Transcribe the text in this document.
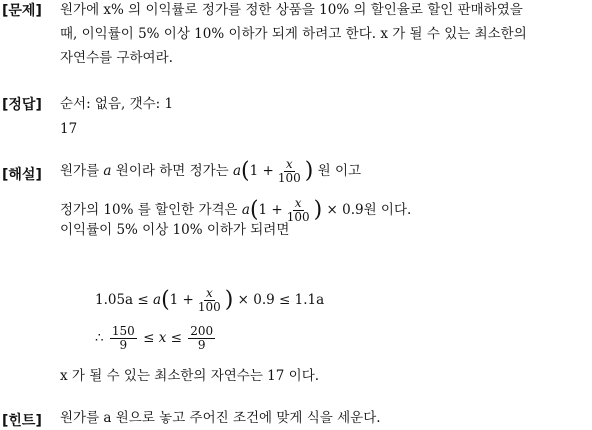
[문제] 원가에 x% 의 이익률로 정가를 정한 상품을 10% 의 할인율로 할인 판매하였을
때, 이익률이 5% 이상 10% 이하가 되게 하려고 한다. x 가 될 수 있는 최소한의
자연수를 구하여라.
[정답] 순서: 없음, 갯수: 1
17
[해설] 원가를 a 원이라 하면 정가는 $a(1 + \frac{x}{100}$ ) 원 이고
정가의 10% 를 할인한 가격은 $a(1 + \frac{x}{100}$ ) × 0.9원 이다.
이익률이 5% 이상 10% 이하가 되려면
$1.05a \le a(1 + \frac{x}{100}$ ) × 0.9 ≤ 1.1a
∴ $\frac{150}{9} \le x \le \frac{200}{9}$
x 가 될 수 있는 최소한의 자연수는 17 이다.
[힌트] 원가를 a 원으로 놓고 주어진 조건에 맞게 식을 세운다.
